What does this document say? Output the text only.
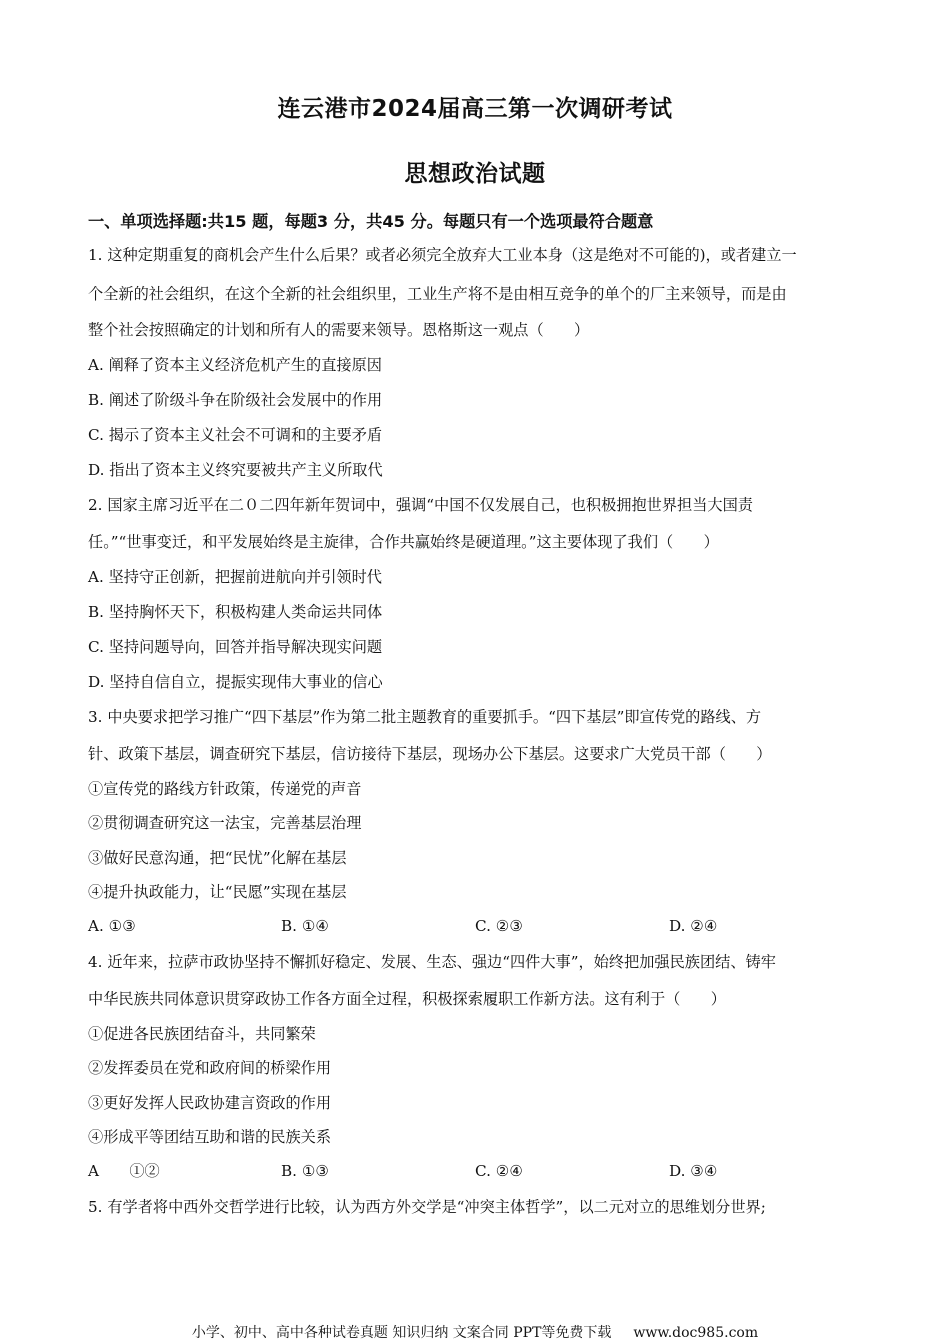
连云港市2024届高三第一次调研考试
思想政治试题
一、单项选择题:共15 题，每题3 分，共45 分。每题只有一个选项最符合题意
1. 这种定期重复的商机会产生什么后果？或者必须完全放弃大工业本身（这是绝对不可能的)，或者建立一
个全新的社会组织，在这个全新的社会组织里，工业生产将不是由相互竞争的单个的厂主来领导，而是由
整个社会按照确定的计划和所有人的需要来领导。恩格斯这一观点（　　）
A. 阐释了资本主义经济危机产生的直接原因
B. 阐述了阶级斗争在阶级社会发展中的作用
C. 揭示了资本主义社会不可调和的主要矛盾
D. 指出了资本主义终究要被共产主义所取代
2. 国家主席习近平在二０二四年新年贺词中，强调“中国不仅发展自己，也积极拥抱世界担当大国责
任。”“世事变迁，和平发展始终是主旋律，合作共赢始终是硬道理。”这主要体现了我们（　　）
A. 坚持守正创新，把握前进航向并引领时代
B. 坚持胸怀天下，积极构建人类命运共同体
C. 坚持问题导向，回答并指导解决现实问题
D. 坚持自信自立，提振实现伟大事业的信心
3. 中央要求把学习推广“四下基层”作为第二批主题教育的重要抓手。“四下基层”即宣传党的路线、方
针、政策下基层，调查研究下基层，信访接待下基层，现场办公下基层。这要求广大党员干部（　　）
①宣传党的路线方针政策，传递党的声音
②贯彻调查研究这一法宝，完善基层治理
③做好民意沟通，把“民忧”化解在基层
④提升执政能力，让“民愿”实现在基层
A. ①③	B. ①④	C. ②③	D. ②④
4. 近年来，拉萨市政协坚持不懈抓好稳定、发展、生态、强边“四件大事”，始终把加强民族团结、铸牢
中华民族共同体意识贯穿政协工作各方面全过程，积极探索履职工作新方法。这有利于（　　）
①促进各民族团结奋斗，共同繁荣
②发挥委员在党和政府间的桥梁作用
③更好发挥人民政协建言资政的作用
④形成平等团结互助和谐的民族关系
A　　①②	B. ①③	C. ②④	D. ③④
5. 有学者将中西外交哲学进行比较，认为西方外交学是“冲突主体哲学”，以二元对立的思维划分世界;
小学、初中、高中各种试卷真题 知识归纳 文案合同 PPT等免费下载 www.doc985.com
